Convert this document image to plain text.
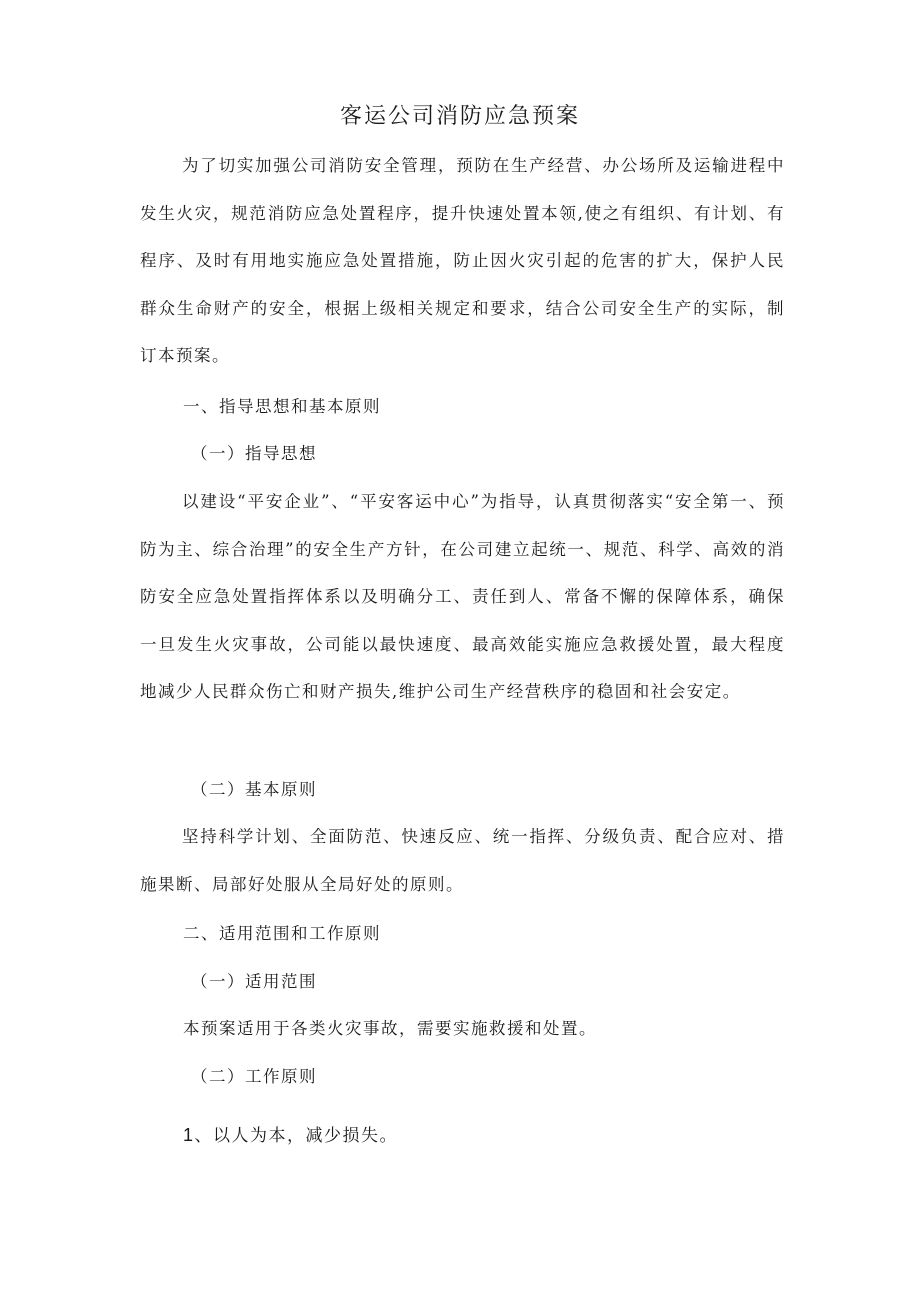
客运公司消防应急预案

为了切实加强公司消防安全管理，预防在生产经营、办公场所及运输进程中发生火灾，规范消防应急处置程序，提升快速处置本领,使之有组织、有计划、有程序、及时有用地实施应急处置措施，防止因火灾引起的危害的扩大，保护人民群众生命财产的安全，根据上级相关规定和要求，结合公司安全生产的实际，制订本预案。

一、指导思想和基本原则
（一）指导思想

以建设“平安企业”、“平安客运中心”为指导，认真贯彻落实“安全第一、预防为主、综合治理”的安全生产方针，在公司建立起统一、规范、科学、高效的消防安全应急处置指挥体系以及明确分工、责任到人、常备不懈的保障体系，确保一旦发生火灾事故，公司能以最快速度、最高效能实施应急救援处置，最大程度地减少人民群众伤亡和财产损失,维护公司生产经营秩序的稳固和社会安定。

（二）基本原则

坚持科学计划、全面防范、快速反应、统一指挥、分级负责、配合应对、措施果断、局部好处服从全局好处的原则。

二、适用范围和工作原则
（一）适用范围
本预案适用于各类火灾事故，需要实施救援和处置。
（二）工作原则
1、以人为本，减少损失。
